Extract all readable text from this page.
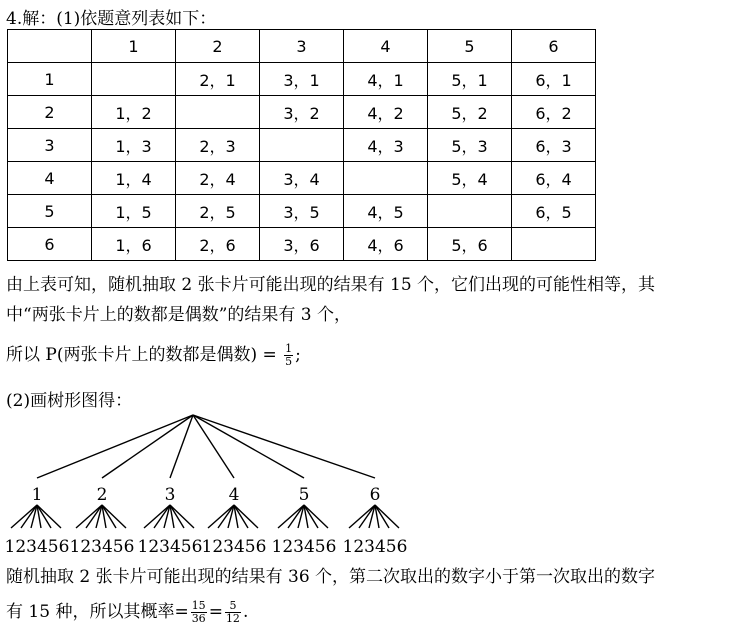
4.解：(1)依题意列表如下：
	1	2	3	4	5	6
1		2，1	3，1	4，1	5，1	6，1
2	1，2		3，2	4，2	5，2	6，2
3	1，3	2，3		4，3	5，3	6，3
4	1，4	2，4	3，4		5，4	6，4
5	1，5	2，5	3，5	4，5		6，5
6	1，6	2，6	3，6	4，6	5，6	
由上表可知，随机抽取 2 张卡片可能出现的结果有 15 个，它们出现的可能性相等，其
中“两张卡片上的数都是偶数”的结果有 3 个，
所以 P(两张卡片上的数都是偶数) = $\frac{1}{5}$ ;
(2)画树形图得：
1
123456
2
123456
3
123456
4
123456
5
123456
6
123456
随机抽取 2 张卡片可能出现的结果有 36 个，第二次取出的数字小于第一次取出的数字
有 15 种，所以其概率= $\frac{15}{36} = \frac{5}{12}$ .
